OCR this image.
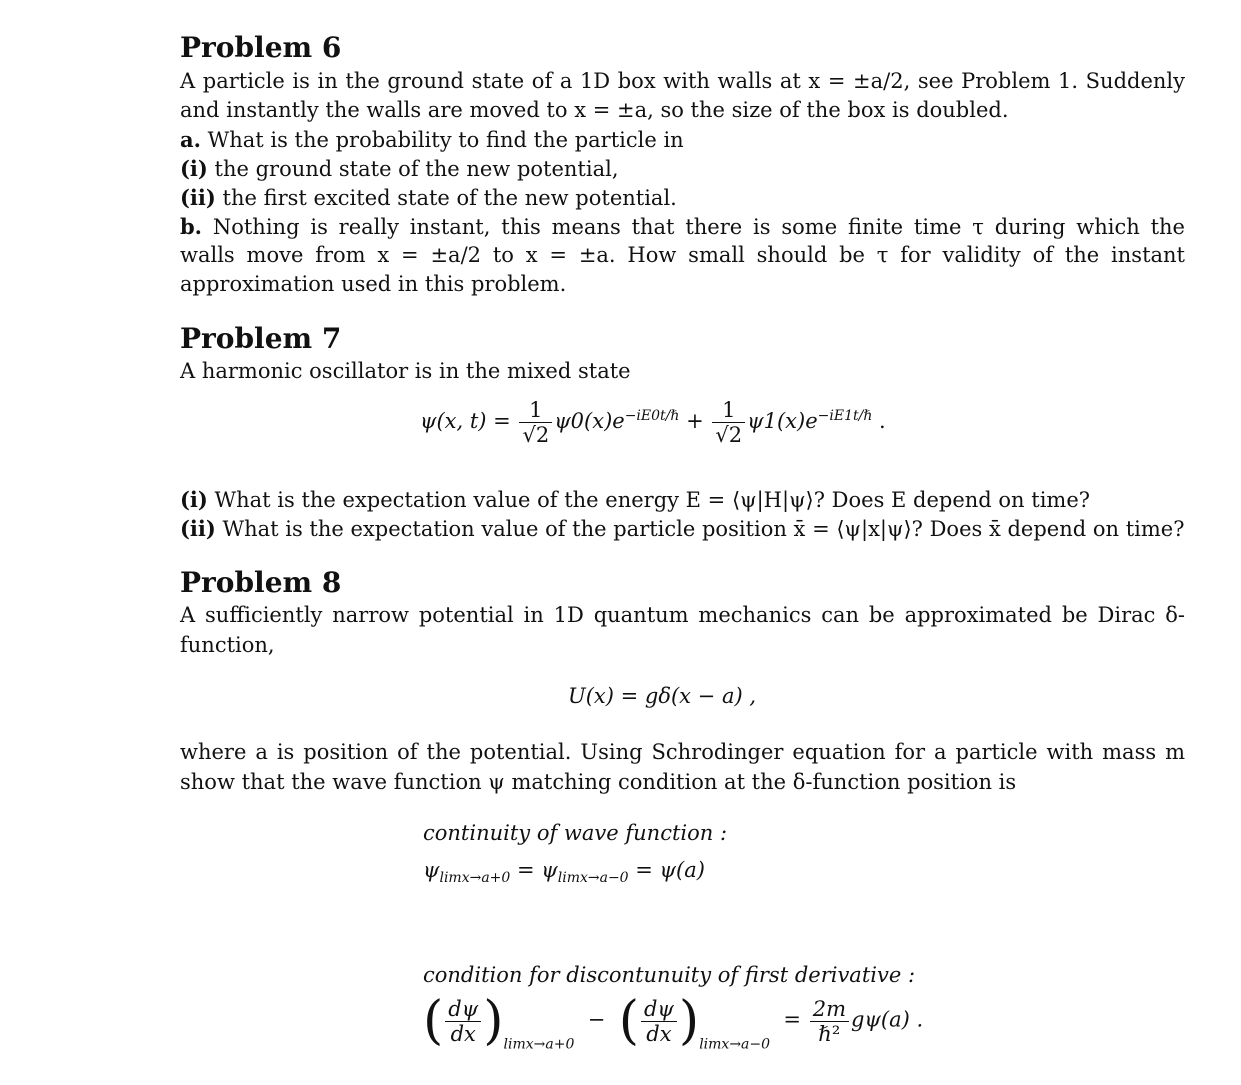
Problem 6
A particle is in the ground state of a 1D box with walls at x = ±a/2, see Problem 1. Suddenly
and instantly the walls are moved to x = ±a, so the size of the box is doubled.
a. What is the probability to find the particle in
(i) the ground state of the new potential,
(ii) the first excited state of the new potential.
b. Nothing is really instant, this means that there is some finite time τ during which the
walls move from x = ±a/2 to x = ±a. How small should be τ for validity of the instant
approximation used in this problem.
Problem 7
A harmonic oscillator is in the mixed state
ψ(x, $t) = \frac{1}{√2} \psi 0(x)e^{-iE0t/\hbar} + \frac{1}{√2} \psi 1(x)e^{-iE1t/\hbar}$ .
(i) What is the expectation value of the energy E = ⟨ψ|H|ψ⟩? Does E depend on time?
(ii) What is the expectation value of the particle position x̄ = ⟨ψ|x|ψ⟩? Does x̄ depend on time?
Problem 8
A sufficiently narrow potential in 1D quantum mechanics can be approximated be Dirac δ-
function,
U(x) = gδ(x − a) ,
where a is position of the potential. Using Schrodinger equation for a particle with mass m
show that the wave function ψ matching condition at the δ-function position is
continuity of wave function :
$\psi_{limx\to a+0} = \psi_{limx\to a-0} = \psi(a)$
condition for discontunuity of first derivative :
( $\frac{d\psi}{dx} )_{limx\to a+0}$  − ( $\frac{d\psi}{dx} )_{limx\to a-0} = \frac{2m}{\text{ℏ²}} g\psi(a)$ .
